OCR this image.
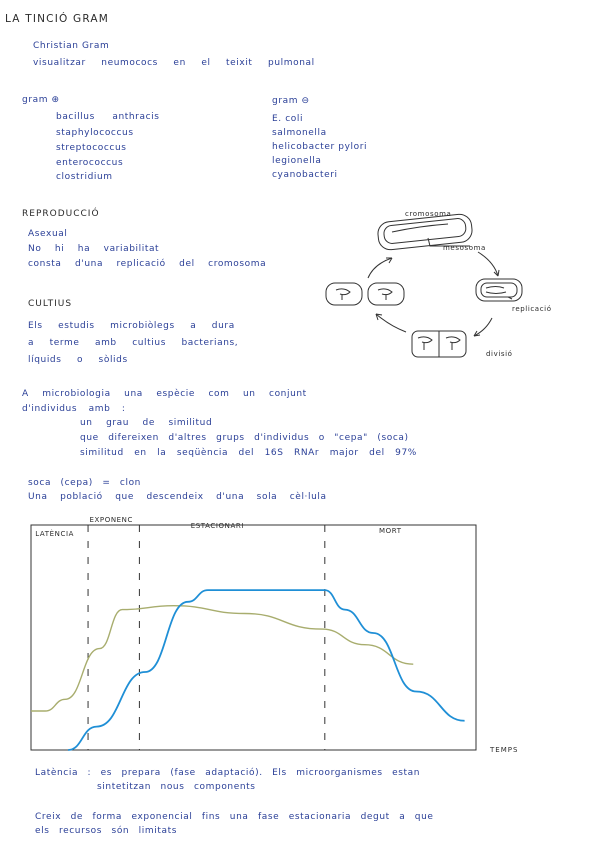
LA TINCIÓ GRAM
Christian Gram
visualitzar neumococs en el teixit pulmonal
gram ⊕
bacillus anthracis
staphylococcus
streptococcus
enterococcus
clostridium
gram ⊖
E. coli
salmonella
helicobacter pylori
legionella
cyanobacteri
REPRODUCCIÓ
Asexual
No hi ha variabilitat
consta d'una replicació del cromosoma
CULTIUS
Els estudis microbiòlegs a dura
a terme amb cultius bacterians,
líquids o sòlids
A microbiologia una espècie com un conjunt
d'individus amb :
un grau de similitud
que difereixen d'altres grups d'individus o "cepa" (soca)
similitud en la seqüència del 16S RNAr major del 97%
soca (cepa) = clon
Una població que descendeix d'una sola cèl·lula
cromosoma
mesosoma
replicació
divisió
LATÈNCIA
EXPONENC
ESTACIONARI
MORT
TEMPS
Latència : es prepara (fase adaptació). Els microorganismes estan
sintetitzan nous components
Creix de forma exponencial fins una fase estacionaria degut a que
els recursos són limitats
